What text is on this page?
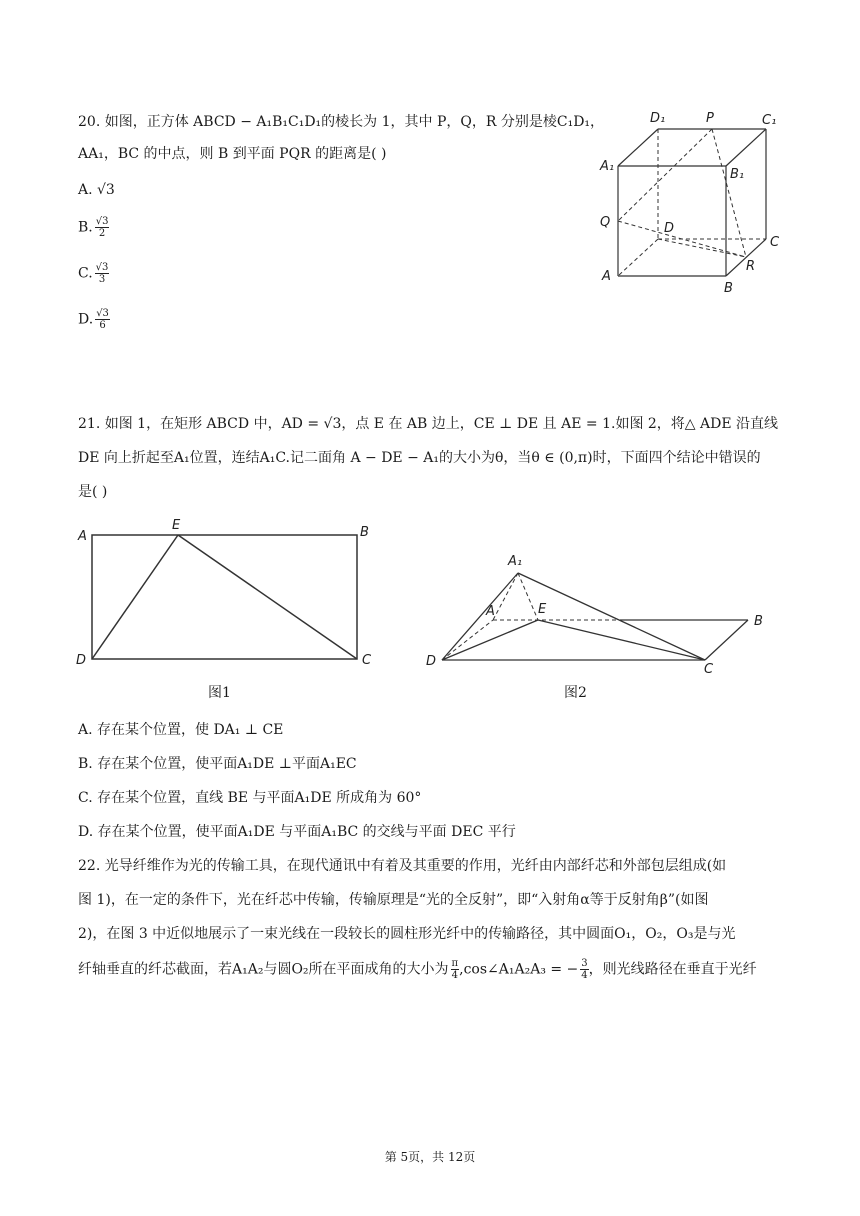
20. 如图，正方体 ABCD − A₁B₁C₁D₁的棱长为 1，其中 P，Q，R 分别是棱C₁D₁，
AA₁，BC 的中点，则 B 到平面 PQR 的距离是( )
A. √3
B. $\frac{√3}{2}$
C. $\frac{√3}{3}$
D. $\frac{√3}{6}$
D₁	P	C₁
A₁
B₁
Q	D
C
R
A
B
21. 如图 1，在矩形 ABCD 中，AD = √3，点 E 在 AB 边上，CE ⊥ DE 且 AE = 1.如图 2，将△ ADE 沿直线
DE 向上折起至A₁位置，连结A₁C.记二面角 A − DE − A₁的大小为θ，当θ ∈ (0,π)时，下面四个结论中错误的
是( )
A
E	B
D	C
图1
A₁
A	E
B
D
C
图2
A. 存在某个位置，使 DA₁ ⊥ CE
B. 存在某个位置，使平面A₁DE ⊥平面A₁EC
C. 存在某个位置，直线 BE 与平面A₁DE 所成角为 60°
D. 存在某个位置，使平面A₁DE 与平面A₁BC 的交线与平面 DEC 平行
22. 光导纤维作为光的传输工具，在现代通讯中有着及其重要的作用，光纤由内部纤芯和外部包层组成(如
图 1)，在一定的条件下，光在纤芯中传输，传输原理是“光的全反射”，即“入射角α等于反射角β”(如图
2)，在图 3 中近似地展示了一束光线在一段较长的圆柱形光纤中的传输路径，其中圆面O₁，O₂，O₃是与光
纤轴垂直的纤芯截面，若A₁A₂与圆O₂所在平面成角的大小为 $\frac{\pi}{4}$ ,cos∠A₁A₂A₃ = − $\frac{3}{4}$ ，则光线路径在垂直于光纤
第 5页，共 12页
